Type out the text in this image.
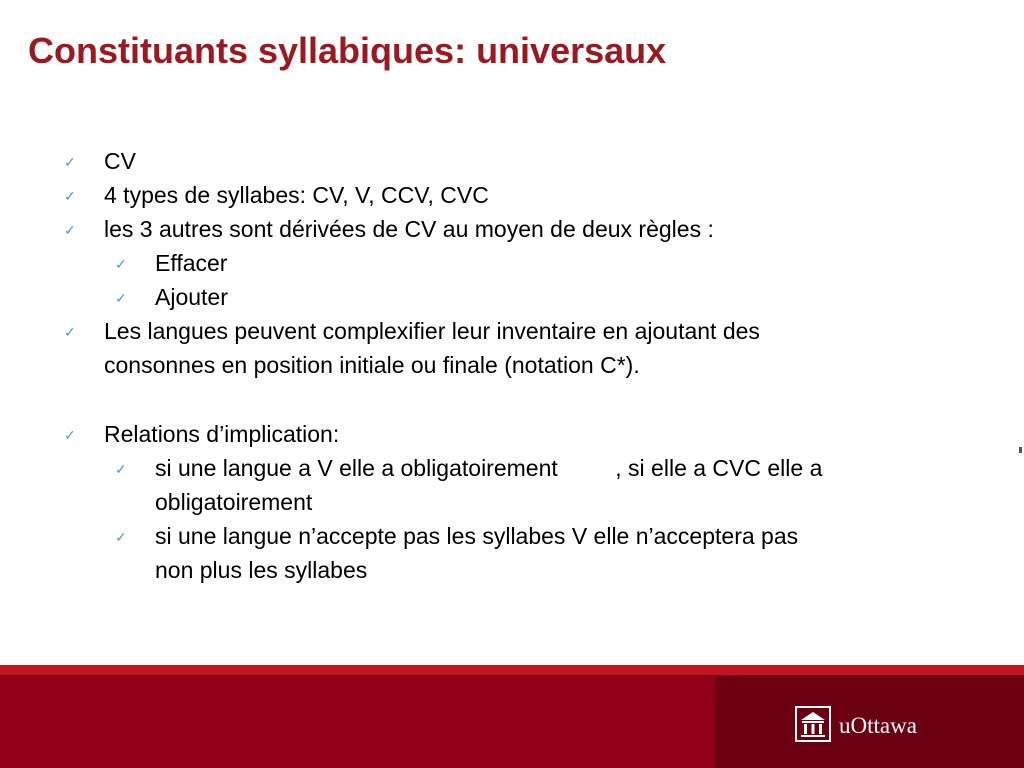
Constituants syllabiques: universaux
✓ CV
✓ 4 types de syllabes: CV, V, CCV, CVC
✓ les 3 autres sont dérivées de CV au moyen de deux règles :
✓ Effacer
✓ Ajouter
✓ Les langues peuvent complexifier leur inventaire en ajoutant des
consonnes en position initiale ou finale (notation C*).
✓ Relations d’implication:
✓ si une langue a V elle a obligatoirement         , si elle a CVC elle a
obligatoirement
✓ si une langue n’accepte pas les syllabes V elle n’acceptera pas
non plus les syllabes
uOttawa
